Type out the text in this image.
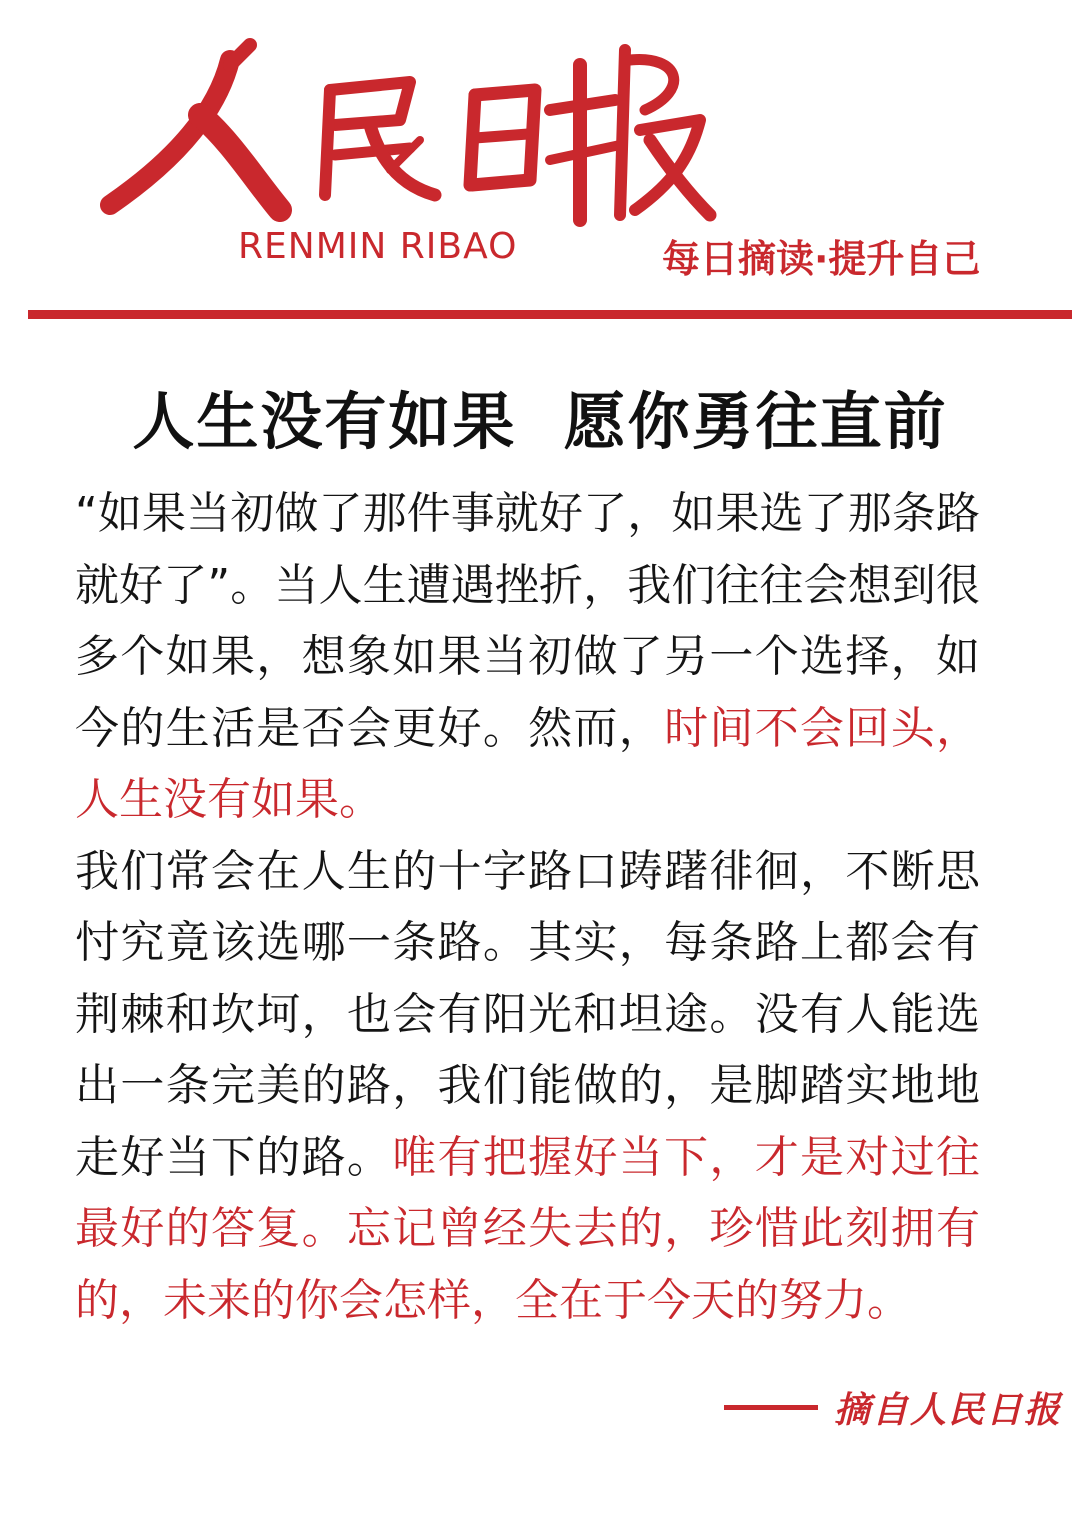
RENMIN RIBAO	每日摘读·提升自己
人生没有如果  愿你勇往直前

“如果当初做了那件事就好了，如果选了那条路就好了”。当人生遭遇挫折，我们往往会想到很多个如果，想象如果当初做了另一个选择，如今的生活是否会更好。然而，时间不会回头，人生没有如果。

我们常会在人生的十字路口踌躇徘徊，不断思忖究竟该选哪一条路。其实，每条路上都会有荆棘和坎坷，也会有阳光和坦途。没有人能选出一条完美的路，我们能做的，是脚踏实地地走好当下的路。唯有把握好当下，才是对过往最好的答复。忘记曾经失去的，珍惜此刻拥有的，未来的你会怎样，全在于今天的努力。

摘自人民日报
